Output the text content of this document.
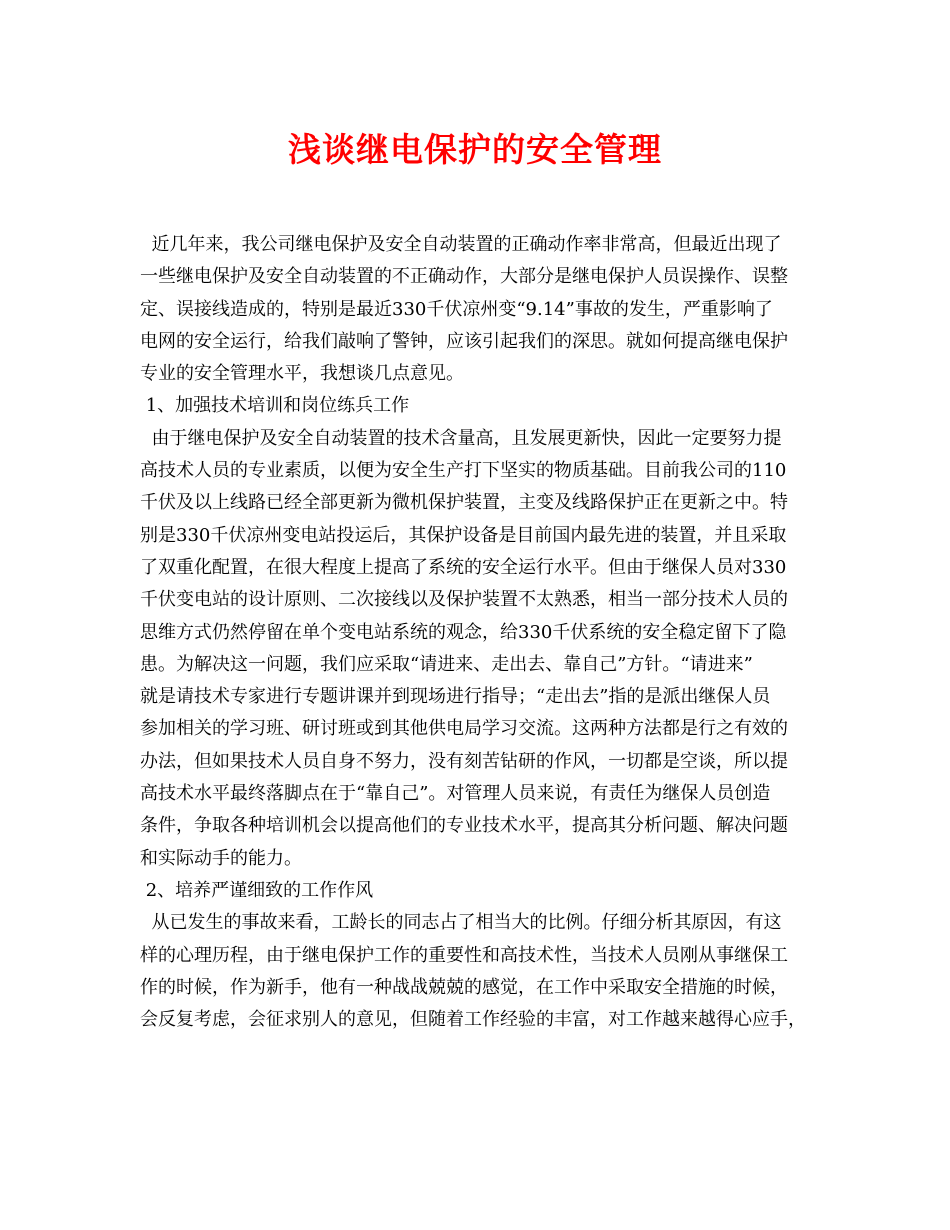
浅谈继电保护的安全管理
近几年来，我公司继电保护及安全自动装置的正确动作率非常高，但最近出现了
一些继电保护及安全自动装置的不正确动作，大部分是继电保护人员误操作、误整
定、误接线造成的，特别是最近330千伏凉州变“9.14”事故的发生，严重影响了
电网的安全运行，给我们敲响了警钟，应该引起我们的深思。就如何提高继电保护
专业的安全管理水平，我想谈几点意见。
1、加强技术培训和岗位练兵工作
由于继电保护及安全自动装置的技术含量高，且发展更新快，因此一定要努力提
高技术人员的专业素质，以便为安全生产打下坚实的物质基础。目前我公司的110
千伏及以上线路已经全部更新为微机保护装置，主变及线路保护正在更新之中。特
别是330千伏凉州变电站投运后，其保护设备是目前国内最先进的装置，并且采取
了双重化配置，在很大程度上提高了系统的安全运行水平。但由于继保人员对330
千伏变电站的设计原则、二次接线以及保护装置不太熟悉，相当一部分技术人员的
思维方式仍然停留在单个变电站系统的观念，给330千伏系统的安全稳定留下了隐
患。为解决这一问题，我们应采取“请进来、走出去、靠自己”方针。“请进来”
就是请技术专家进行专题讲课并到现场进行指导；“走出去”指的是派出继保人员
参加相关的学习班、研讨班或到其他供电局学习交流。这两种方法都是行之有效的
办法，但如果技术人员自身不努力，没有刻苦钻研的作风，一切都是空谈，所以提
高技术水平最终落脚点在于“靠自己”。对管理人员来说，有责任为继保人员创造
条件，争取各种培训机会以提高他们的专业技术水平，提高其分析问题、解决问题
和实际动手的能力。
2、培养严谨细致的工作作风
从已发生的事故来看，工龄长的同志占了相当大的比例。仔细分析其原因，有这
样的心理历程，由于继电保护工作的重要性和高技术性，当技术人员刚从事继保工
作的时候，作为新手，他有一种战战兢兢的感觉，在工作中采取安全措施的时候，
会反复考虑，会征求别人的意见，但随着工作经验的丰富，对工作越来越得心应手，
